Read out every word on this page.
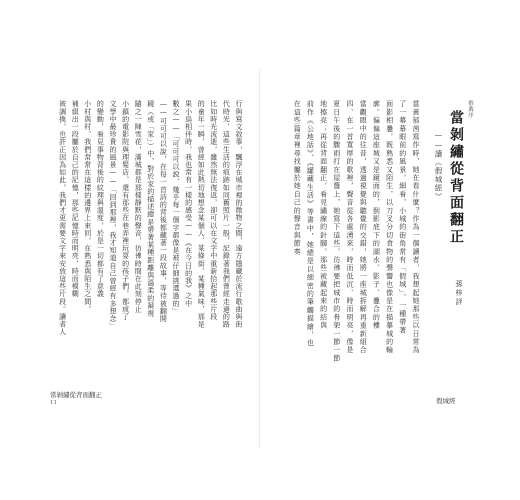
行與寫文敘事，飄浮在城市裡的微物之間，遠方隱藏於流行歌曲與街
代時光，這些生活的痕跡如同舊照片一般，記錄著我們曾經走過的路
比如時光流逝，雖然無法復返，卻可以在文字中重新拾起那些片段
的童年一瞬，曾經如此熱切地想念某個人、某條街、某種氣味，那是
果小鳥相伴時，我也常有一樣的感受——《在今日的我》之中
數之——「可可可以說，幾乎每一個字都像是被仔細挑選過的」
——可可可以說，在每一首詩的背後都藏著一段故事，等待被翻開
鏡（或「家」）中，對於家的描述總是帶著某種距離與溫柔的凝視
隨之一陣雪花，滿城都是那樣靜默的聲音，彷彿時間在此刻停止
小鎮的電影院與理髮店，還有那些在巷弄裡玩耍的孩子們，都成了
文學中最珍貴的風景——「回到那裡，我才知道自己曾經有多想念」
的變動，看見事物背後的紋理與溫度，於是一切都有了意義
小村與村，我們常常在這樣的邊界上來回，在熟悉與陌生之間，
補綴出一段屬於自己的記憶，那些記憶時而明亮、時而模糊
被調換，也許正因為如此，我們才更需要文字來安放這些片段。讀者人
當剝繡從背面翻正
11
推薦序
當剝繡從背面翻正
——讀《假城經》
當黃郁茜寫作時，她在看什麼？作為一個讀者，我想起她那些以日常為
了一幕幕眼前的風景，細看，小城的街角常有「假城」，一種帶著
面影相疊，既熟悉又陌生，以刀叉分切食物的聲響也像是在描摹城的輪
廓。偏偏這座城又是鏡面的，倒影底下的湖水、影子、疊合的樓
當觀眼中的往昔，透過視覺與聽覺的交錯，她將一座城拆解再重新組合
四、在一首寬厚的歌裡，聲音從各處湧來，時而低沉、時而明亮，像是
夏日午後的驟雨打在屋簷上，她寫下這些，彷彿要把城市的骨架一節一節
地擦亮；再從背面翻正，看見繡線的針腳，那些被藏起來的結與
前作《公地話》、《罐藏生活》等書中，她總是以細密的筆觸描繪，也
在這些篇章裡尋找屬於她自己的聲音與節奏
孫梓評
假城經
